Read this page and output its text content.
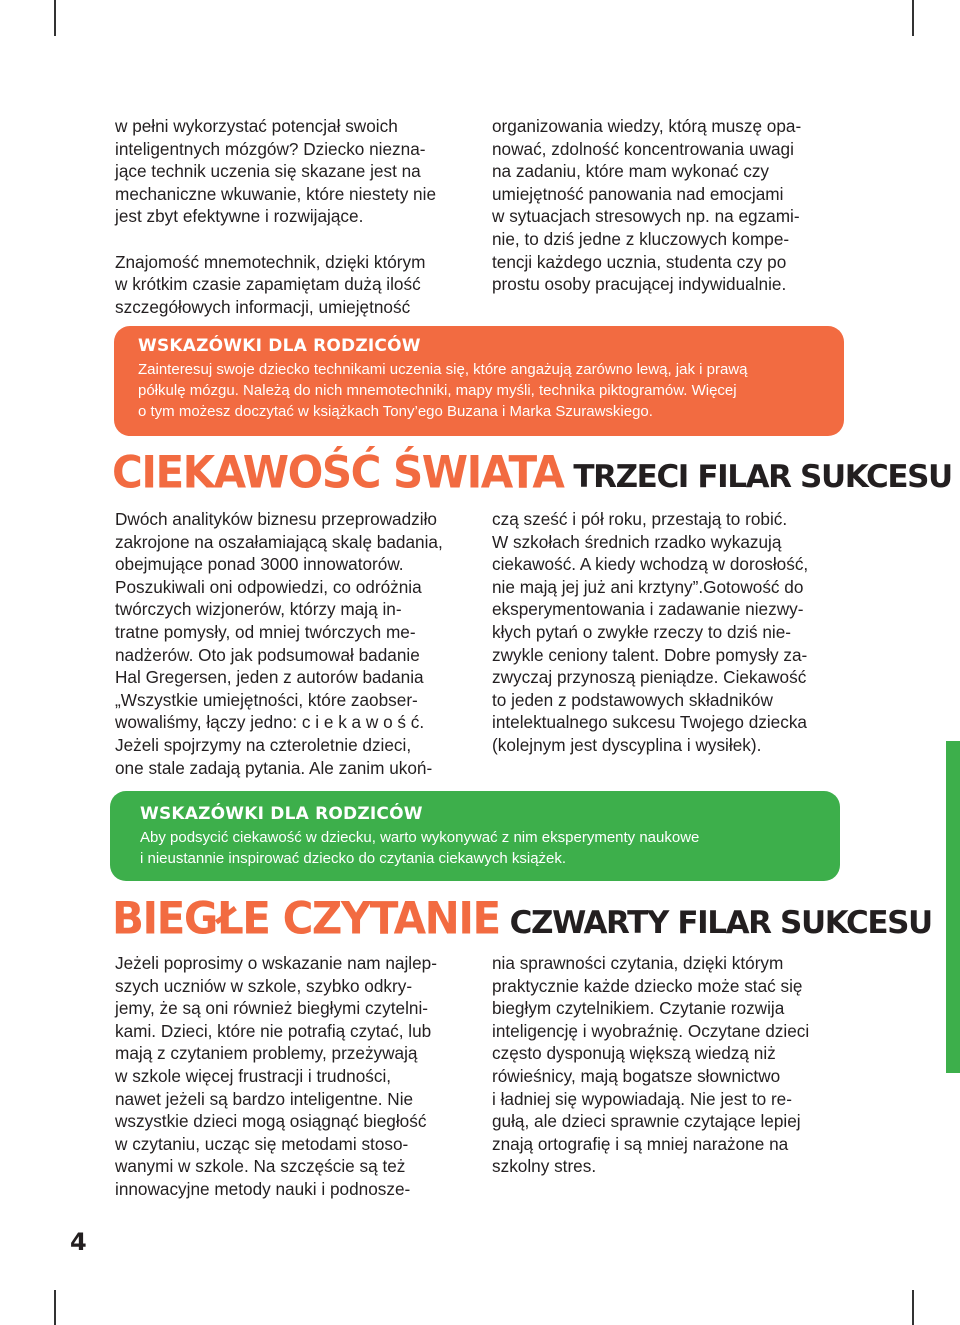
w pełni wykorzystać potencjał swoich
inteligentnych mózgów? Dziecko niezna-
jące technik uczenia się skazane jest na
mechaniczne wkuwanie, które niestety nie
jest zbyt efektywne i rozwijające.

Znajomość mnemotechnik, dzięki którym
w krótkim czasie zapamiętam dużą ilość
szczegółowych informacji, umiejętność

organizowania wiedzy, którą muszę opa-
nować, zdolność koncentrowania uwagi
na zadaniu, które mam wykonać czy
umiejętność panowania nad emocjami
w sytuacjach stresowych np. na egzami-
nie, to dziś jedne z kluczowych kompe-
tencji każdego ucznia, studenta czy po
prostu osoby pracującej indywidualnie.

WSKAZÓWKI DLA RODZICÓW

Zainteresuj swoje dziecko technikami uczenia się, które angażują zarówno lewą, jak i prawą
półkulę mózgu. Należą do nich mnemotechniki, mapy myśli, technika piktogramów. Więcej
o tym możesz doczytać w książkach Tony’ego Buzana i Marka Szurawskiego.

CIEKAWOŚĆ ŚWIATA TRZECI FILAR SUKCESU

Dwóch analityków biznesu przeprowadziło
zakrojone na oszałamiającą skalę badania,
obejmujące ponad 3000 innowatorów.
Poszukiwali oni odpowiedzi, co odróżnia
twórczych wizjonerów, którzy mają in-
tratne pomysły, od mniej twórczych me-
nadżerów. Oto jak podsumował badanie
Hal Gregersen, jeden z autorów badania
„Wszystkie umiejętności, które zaobser-
wowaliśmy, łączy jedno: c i e k a w o ś ć.
Jeżeli spojrzymy na czteroletnie dzieci,
one stale zadają pytania. Ale zanim ukoń-

czą sześć i pół roku, przestają to robić.
W szkołach średnich rzadko wykazują
ciekawość. A kiedy wchodzą w dorosłość,
nie mają jej już ani krztyny”.Gotowość do
eksperymentowania i zadawanie niezwy-
kłych pytań o zwykłe rzeczy to dziś nie-
zwykle ceniony talent. Dobre pomysły za-
zwyczaj przynoszą pieniądze. Ciekawość
to jeden z podstawowych składników
intelektualnego sukcesu Twojego dziecka
(kolejnym jest dyscyplina i wysiłek).

WSKAZÓWKI DLA RODZICÓW

Aby podsycić ciekawość w dziecku, warto wykonywać z nim eksperymenty naukowe
i nieustannie inspirować dziecko do czytania ciekawych książek.

BIEGŁE CZYTANIE CZWARTY FILAR SUKCESU

Jeżeli poprosimy o wskazanie nam najlep-
szych uczniów w szkole, szybko odkry-
jemy, że są oni również biegłymi czytelni-
kami. Dzieci, które nie potrafią czytać, lub
mają z czytaniem problemy, przeżywają
w szkole więcej frustracji i trudności,
nawet jeżeli są bardzo inteligentne. Nie
wszystkie dzieci mogą osiągnąć biegłość
w czytaniu, ucząc się metodami stoso-
wanymi w szkole. Na szczęście są też
innowacyjne metody nauki i podnosze-

nia sprawności czytania, dzięki którym
praktycznie każde dziecko może stać się
biegłym czytelnikiem. Czytanie rozwija
inteligencję i wyobraźnię. Oczytane dzieci
często dysponują większą wiedzą niż
rówieśnicy, mają bogatsze słownictwo
i ładniej się wypowiadają. Nie jest to re-
gułą, ale dzieci sprawnie czytające lepiej
znają ortografię i są mniej narażone na
szkolny stres.

4
